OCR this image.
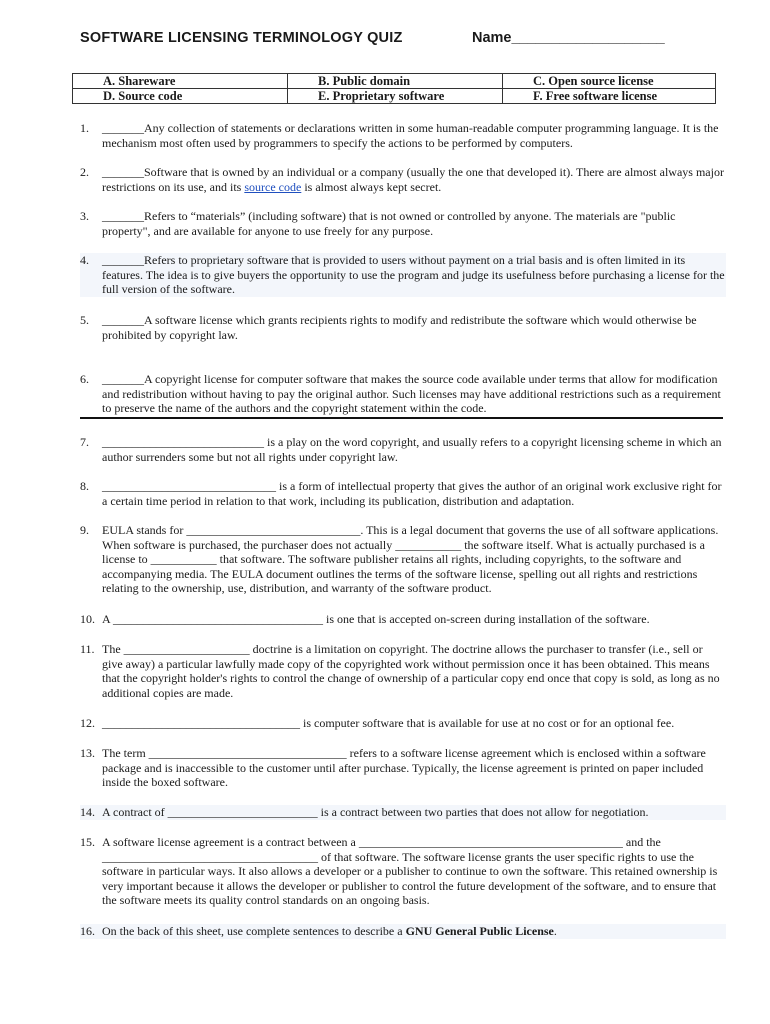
SOFTWARE LICENSING TERMINOLOGY QUIZ	Name___________________
A. Shareware	B. Public domain	C. Open source license
D. Source code	E. Proprietary software	F. Free software license
1. _______Any collection of statements or declarations written in some human-readable computer programming language. It is the mechanism most often used by programmers to specify the actions to be performed by computers.
2. _______Software that is owned by an individual or a company (usually the one that developed it). There are almost always major restrictions on its use, and its source code is almost always kept secret.
3. _______Refers to “materials” (including software) that is not owned or controlled by anyone. The materials are "public property", and are available for anyone to use freely for any purpose.
4. _______Refers to proprietary software that is provided to users without payment on a trial basis and is often limited in its features. The idea is to give buyers the opportunity to use the program and judge its usefulness before purchasing a license for the full version of the software.
5. _______A software license which grants recipients rights to modify and redistribute the software which would otherwise be prohibited by copyright law.
6. _______A copyright license for computer software that makes the source code available under terms that allow for modification and redistribution without having to pay the original author. Such licenses may have additional restrictions such as a requirement to preserve the name of the authors and the copyright statement within the code.
7. ___________________________ is a play on the word copyright, and usually refers to a copyright licensing scheme in which an author surrenders some but not all rights under copyright law.
8. _____________________________ is a form of intellectual property that gives the author of an original work exclusive right for a certain time period in relation to that work, including its publication, distribution and adaptation.
9. EULA stands for _____________________________. This is a legal document that governs the use of all software applications. When software is purchased, the purchaser does not actually ___________ the software itself. What is actually purchased is a license to ___________ that software. The software publisher retains all rights, including copyrights, to the software and accompanying media. The EULA document outlines the terms of the software license, spelling out all rights and restrictions relating to the ownership, use, distribution, and warranty of the software product.
10. A ___________________________________ is one that is accepted on-screen during installation of the software.
11. The _____________________ doctrine is a limitation on copyright. The doctrine allows the purchaser to transfer (i.e., sell or give away) a particular lawfully made copy of the copyrighted work without permission once it has been obtained. This means that the copyright holder's rights to control the change of ownership of a particular copy end once that copy is sold, as long as no additional copies are made.
12. _________________________________ is computer software that is available for use at no cost or for an optional fee.
13. The term _________________________________ refers to a software license agreement which is enclosed within a software package and is inaccessible to the customer until after purchase. Typically, the license agreement is printed on paper included inside the boxed software.
14. A contract of _________________________ is a contract between two parties that does not allow for negotiation.
15. A software license agreement is a contract between a ____________________________________________ and the ____________________________________ of that software. The software license grants the user specific rights to use the software in particular ways. It also allows a developer or a publisher to continue to own the software. This retained ownership is very important because it allows the developer or publisher to control the future development of the software, and to ensure that the software meets its quality control standards on an ongoing basis.
16. On the back of this sheet, use complete sentences to describe a GNU General Public License.
